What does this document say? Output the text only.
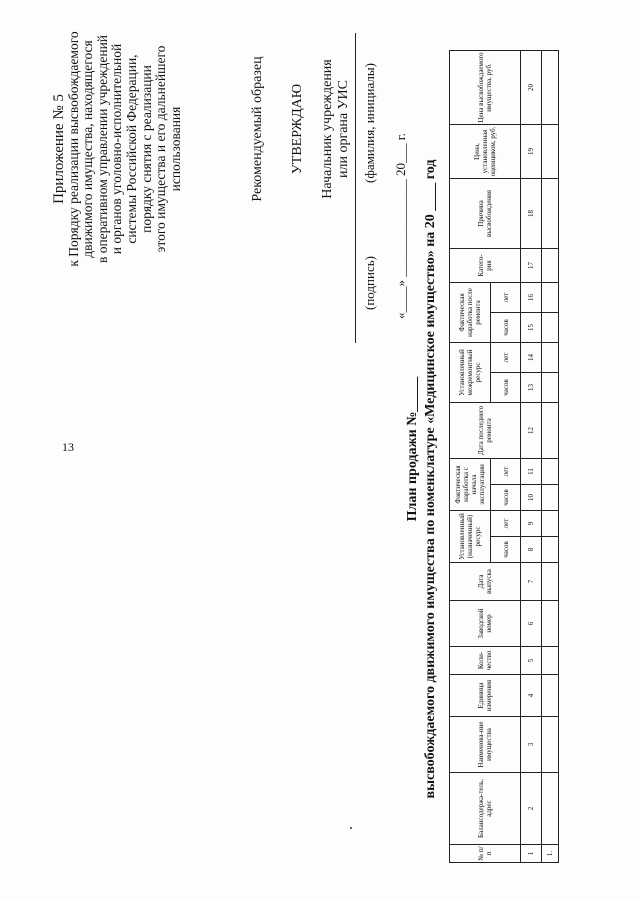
13
Приложение № 5
к Порядку реализации высвобождаемого движимого имущества, находящегося в оперативном управлении учреждений и органов уголовно-исполнительной системы Российской Федерации, порядку снятия с реализации этого имущества и его дальнейшего использования	Рекомендуемый образец УТВЕРЖДАЮ Начальник учреждения или органа УИС
(подпись)
(фамилия, инициалы)
«____» _______________ 20___ г.
План продажи №_____ высвобождаемого движимого имущества по номенклатуре «Медицинское имущество» на 20 ____ год
№ п/п	Балансодержа-тель, адрес	Наименова-ние имущества	Единица измерения	Коли-чество	Заводской номер	Дата выпуска	Установленный (назначенный) ресурс		Фактическая наработка с начала эксплуатации		Дата последнего ремонта	Установленный межремонтный ресурс		Фактическая наработка после ремонта		Катего-рия	Причина высвобождения	Цена, установленная оценщиком, руб.	Цена высвобождаемого имущества, руб.
							часов	лет	часов	лет		часов	лет	часов	лет				
1	2	3	4	5	6	7	8	9	10	11	12	13	14	15	16	17	18	19	20
1.																			
